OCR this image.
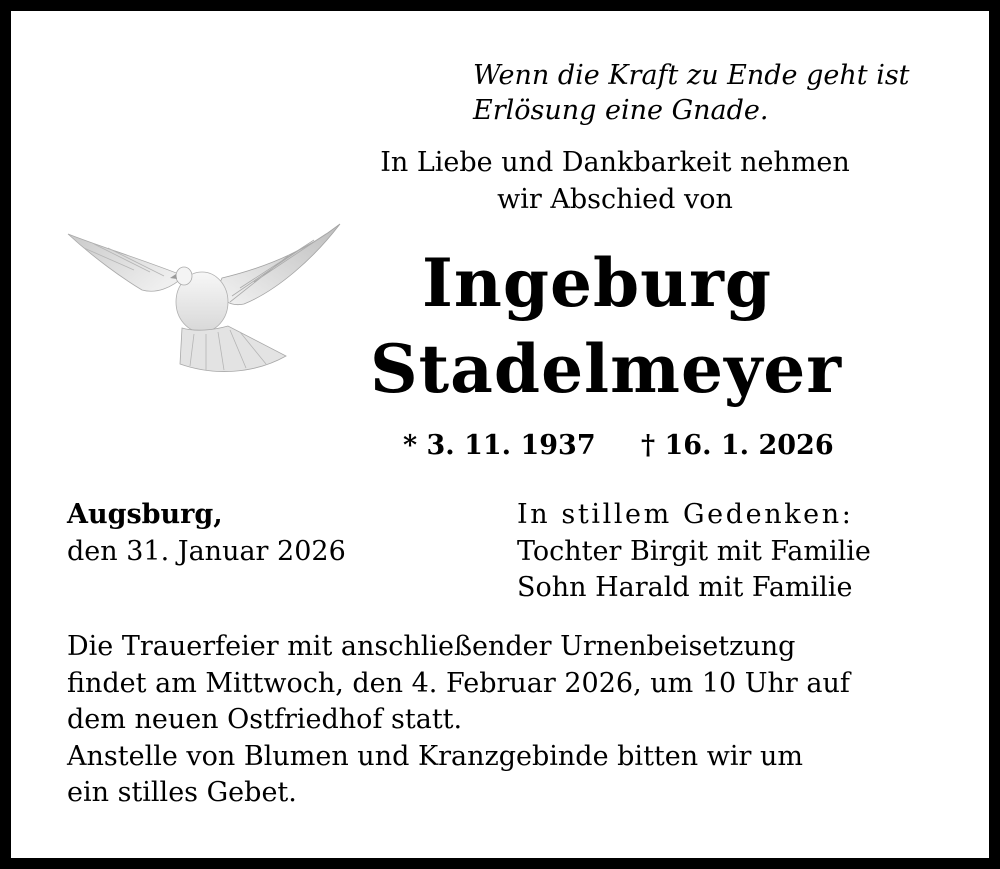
Wenn die Kraft zu Ende geht ist
Erlösung eine Gnade.
In Liebe und Dankbarkeit nehmen
wir Abschied von
Ingeburg
Stadelmeyer
* 3. 11. 1937 † 16. 1. 2026
Augsburg,
den 31. Januar 2026
In stillem Gedenken:
Tochter Birgit mit Familie
Sohn Harald mit Familie
Die Trauerfeier mit anschließender Urnenbeisetzung
findet am Mittwoch, den 4. Februar 2026, um 10 Uhr auf
dem neuen Ostfriedhof statt.
Anstelle von Blumen und Kranzgebinde bitten wir um
ein stilles Gebet.
